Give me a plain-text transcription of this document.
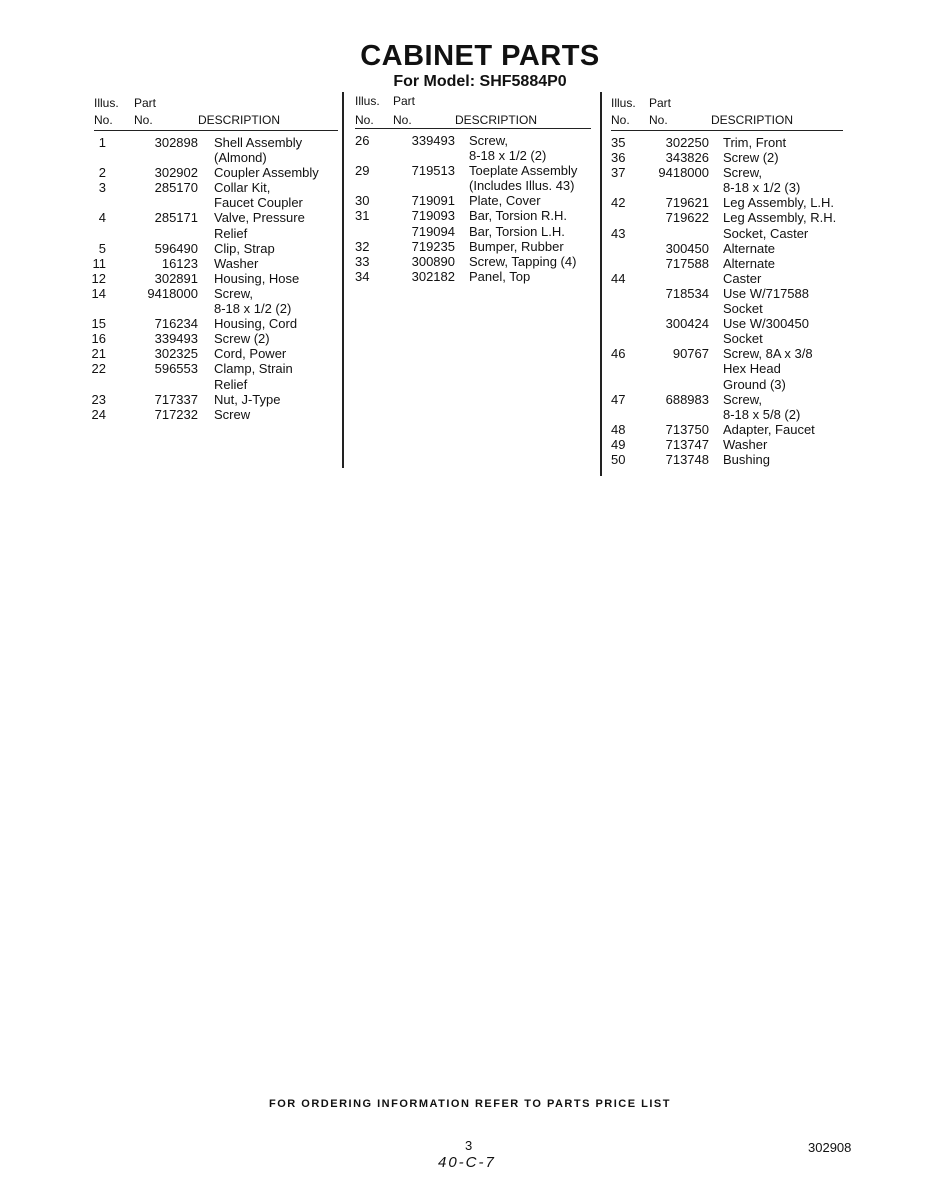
CABINET PARTS
For Model: SHF5884P0
Illus. Part
No. No.	DESCRIPTION
1	302898 Shell Assembly
(Almond)
2	302902 Coupler Assembly
3	285170 Collar Kit,
Faucet Coupler
4	285171 Valve, Pressure
Relief
5	596490 Clip, Strap
11	16123 Washer
12	302891 Housing, Hose
14	9418000 Screw,
8-18 x 1/2 (2)
15	716234 Housing, Cord
16	339493 Screw (2)
21	302325 Cord, Power
22	596553 Clamp, Strain
Relief
23	717337 Nut, J-Type
24	717232 Screw
Illus. Part
No. No.	DESCRIPTION
26	339493 Screw,
8-18 x 1/2 (2)
29	719513 Toeplate Assembly
(Includes Illus. 43)
30	719091 Plate, Cover
31	719093 Bar, Torsion R.H.
719094 Bar, Torsion L.H.
32	719235 Bumper, Rubber
33	300890 Screw, Tapping (4)
34	302182 Panel, Top
Illus. Part
No. No.	DESCRIPTION
35	302250 Trim, Front
36	343826 Screw (2)
37	9418000 Screw,
8-18 x 1/2 (3)
42	719621 Leg Assembly, L.H.
719622 Leg Assembly, R.H.
43	Socket, Caster
300450 Alternate
717588 Alternate
44	Caster
718534 Use W/717588
Socket
300424 Use W/300450
Socket
46	90767 Screw, 8A x 3/8
Hex Head
Ground (3)
47	688983 Screw,
8-18 x 5/8 (2)
48	713750 Adapter, Faucet
49	713747 Washer
50	713748 Bushing
FOR ORDERING INFORMATION REFER TO PARTS PRICE LIST
3	302908
40-C-7
